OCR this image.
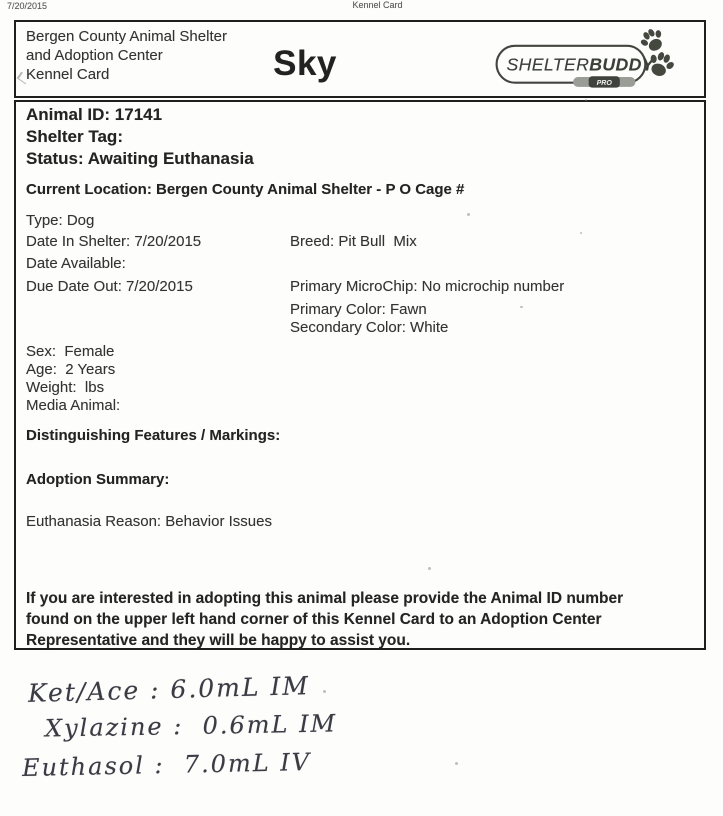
7/20/2015	Kennel Card
Bergen County Animal Shelter
and Adoption Center
Kennel Card	Sky	SHELTERBUDDY
PRO
Animal ID: 17141
Shelter Tag:
Status: Awaiting Euthanasia
Current Location: Bergen County Animal Shelter - P O Cage #
Type: Dog
Date In Shelter: 7/20/2015	Breed: Pit Bull  Mix
Date Available:
Due Date Out: 7/20/2015	Primary MicroChip: No microchip number
Primary Color: Fawn
Secondary Color: White
Sex:  Female
Age:  2 Years
Weight:  lbs
Media Animal:
Distinguishing Features / Markings:
Adoption Summary:
Euthanasia Reason: Behavior Issues
If you are interested in adopting this animal please provide the Animal ID number
found on the upper left hand corner of this Kennel Card to an Adoption Center
Representative and they will be happy to assist you.
Ket/Ace : 6.0mL IM
Xylazine :  0.6mL IM
Euthasol :  7.0mL IV
